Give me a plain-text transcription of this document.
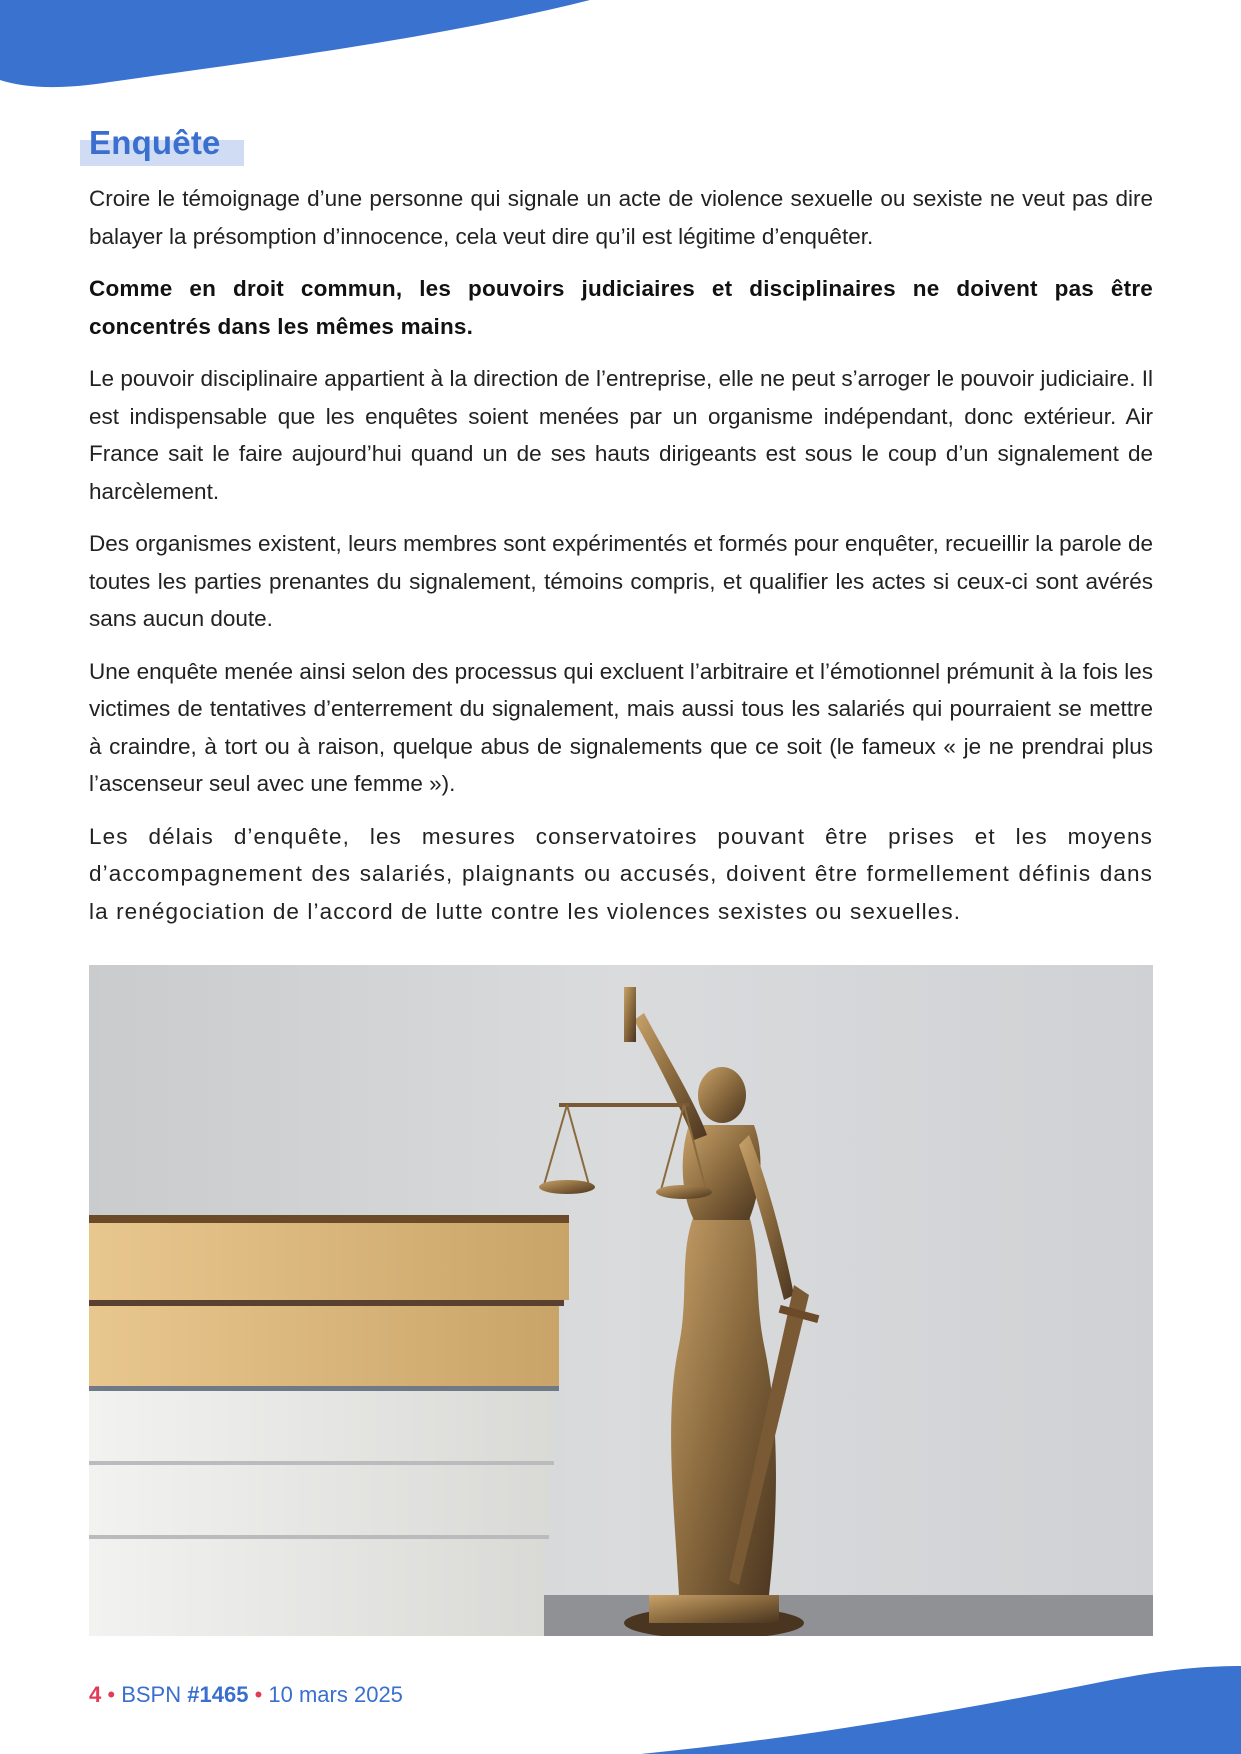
Enquête

Croire le témoignage d’une personne qui signale un acte de violence sexuelle ou sexiste ne veut pas dire balayer la présomption d’innocence, cela veut dire qu’il est légitime d’enquêter.

Comme en droit commun, les pouvoirs judiciaires et disciplinaires ne doivent pas être concentrés dans les mêmes mains.

Le pouvoir disciplinaire appartient à la direction de l’entreprise, elle ne peut s’arroger le pouvoir judiciaire. Il est indispensable que les enquêtes soient menées par un organisme indépendant, donc extérieur. Air France sait le faire aujourd’hui quand un de ses hauts dirigeants est sous le coup d’un signalement de harcèlement.

Des organismes existent, leurs membres sont expérimentés et formés pour enquêter, recueillir la parole de toutes les parties prenantes du signalement, témoins compris, et qualifier les actes si ceux-ci sont avérés sans aucun doute.

Une enquête menée ainsi selon des processus qui excluent l’arbitraire et l’émotionnel prémunit à la fois les victimes de tentatives d’enterrement du signalement, mais aussi tous les salariés qui pourraient se mettre à craindre, à tort ou à raison, quelque abus de signalements que ce soit (le fameux « je ne prendrai plus l’ascenseur seul avec une femme »).

Les délais d’enquête, les mesures conservatoires pouvant être prises et les moyens d’accompagnement des salariés, plaignants ou accusés, doivent être formellement définis dans la renégociation de l’accord de lutte contre les violences sexistes ou sexuelles.

4 • BSPN #1465 • 10 mars 2025
